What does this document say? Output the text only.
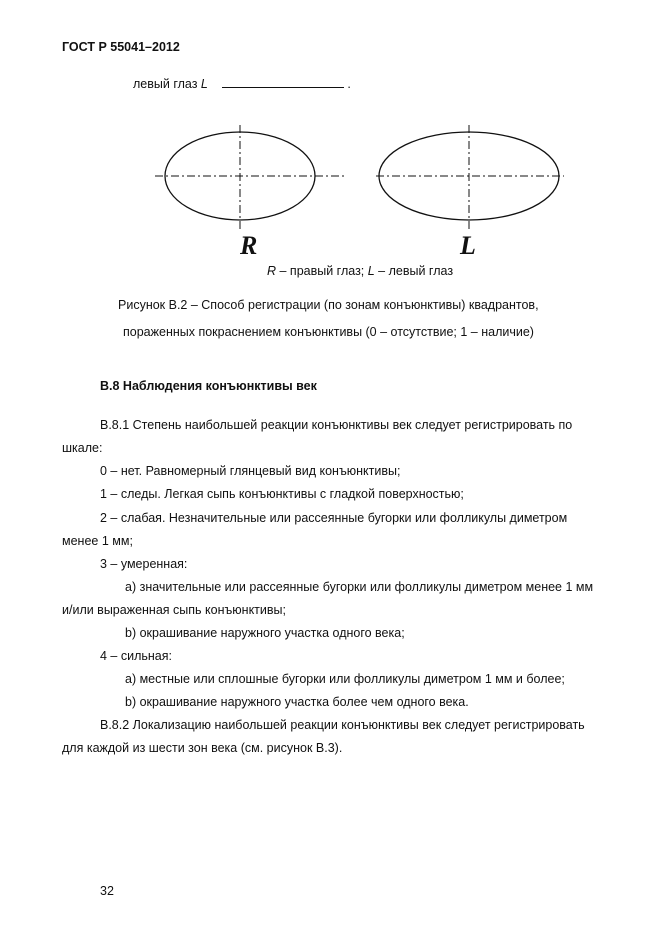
ГОСТ Р 55041–2012
левый глаз L	.
R	L
R – правый глаз; L – левый глаз
Рисунок В.2 – Способ регистрации (по зонам конъюнктивы) квадрантов,
пораженных покраснением конъюнктивы (0 – отсутствие; 1 – наличие)
В.8 Наблюдения конъюнктивы век
В.8.1 Степень наибольшей реакции конъюнктивы век следует регистрировать по
шкале:
0 – нет. Равномерный глянцевый вид конъюнктивы;
1 – следы. Легкая сыпь конъюнктивы с гладкой поверхностью;
2 – слабая. Незначительные или рассеянные бугорки или фолликулы диметром
менее 1 мм;
3 – умеренная:
a) значительные или рассеянные бугорки или фолликулы диметром менее 1 мм
и/или выраженная сыпь конъюнктивы;
b) окрашивание наружного участка одного века;
4 – сильная:
a) местные или сплошные бугорки или фолликулы диметром 1 мм и более;
b) окрашивание наружного участка более чем одного века.
В.8.2 Локализацию наибольшей реакции конъюнктивы век следует регистрировать
для каждой из шести зон века (см. рисунок В.3).
32
